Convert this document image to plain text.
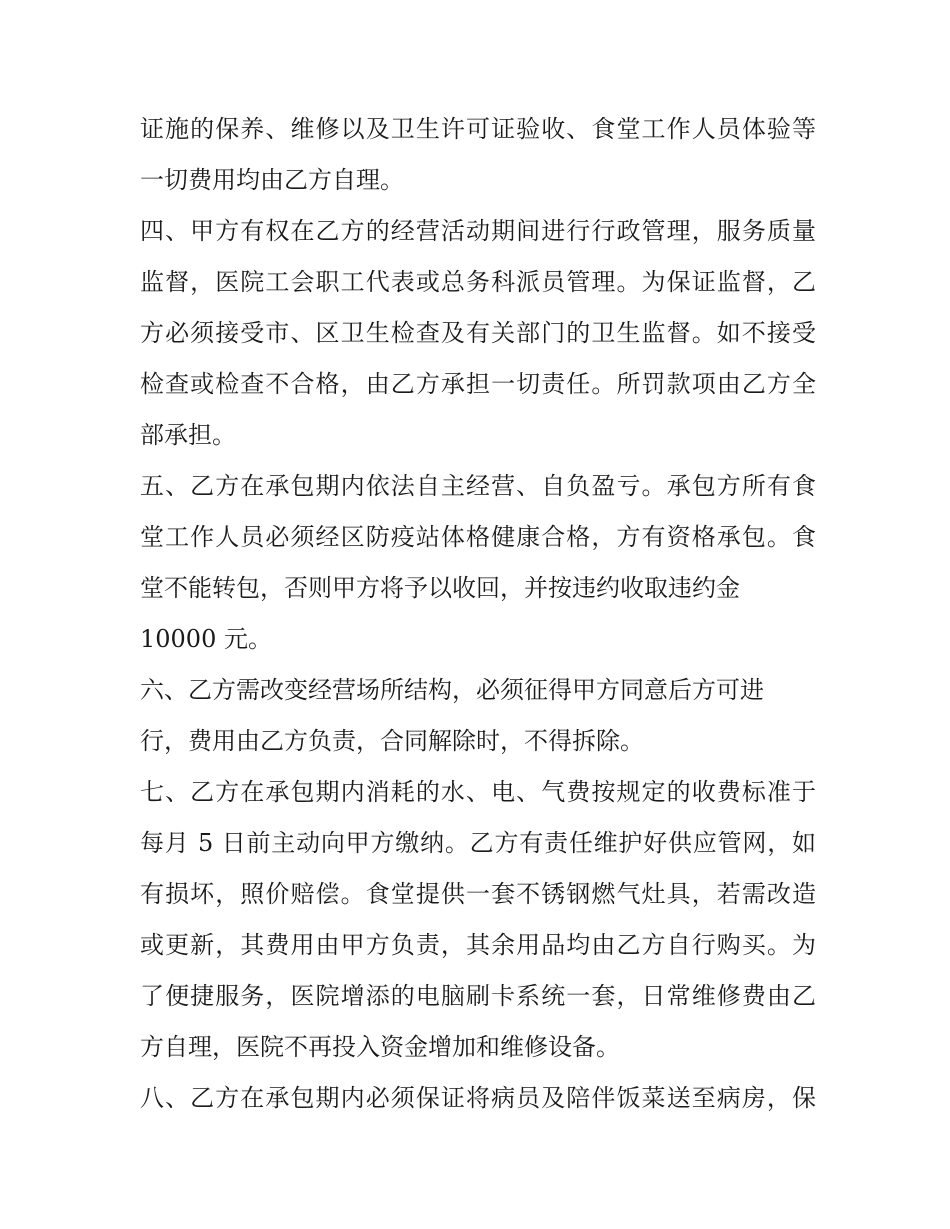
证施的保养、维修以及卫生许可证验收、食堂工作人员体验等
一切费用均由乙方自理。
四、甲方有权在乙方的经营活动期间进行行政管理，服务质量
监督，医院工会职工代表或总务科派员管理。为保证监督，乙
方必须接受市、区卫生检查及有关部门的卫生监督。如不接受
检查或检查不合格，由乙方承担一切责任。所罚款项由乙方全
部承担。
五、乙方在承包期内依法自主经营、自负盈亏。承包方所有食
堂工作人员必须经区防疫站体格健康合格，方有资格承包。食
堂不能转包，否则甲方将予以收回，并按违约收取违约金
10000 元。
六、乙方需改变经营场所结构，必须征得甲方同意后方可进
行，费用由乙方负责，合同解除时，不得拆除。
七、乙方在承包期内消耗的水、电、气费按规定的收费标准于
每月 5 日前主动向甲方缴纳。乙方有责任维护好供应管网，如
有损坏，照价赔偿。食堂提供一套不锈钢燃气灶具，若需改造
或更新，其费用由甲方负责，其余用品均由乙方自行购买。为
了便捷服务，医院增添的电脑刷卡系统一套，日常维修费由乙
方自理，医院不再投入资金增加和维修设备。
八、乙方在承包期内必须保证将病员及陪伴饭菜送至病房，保
